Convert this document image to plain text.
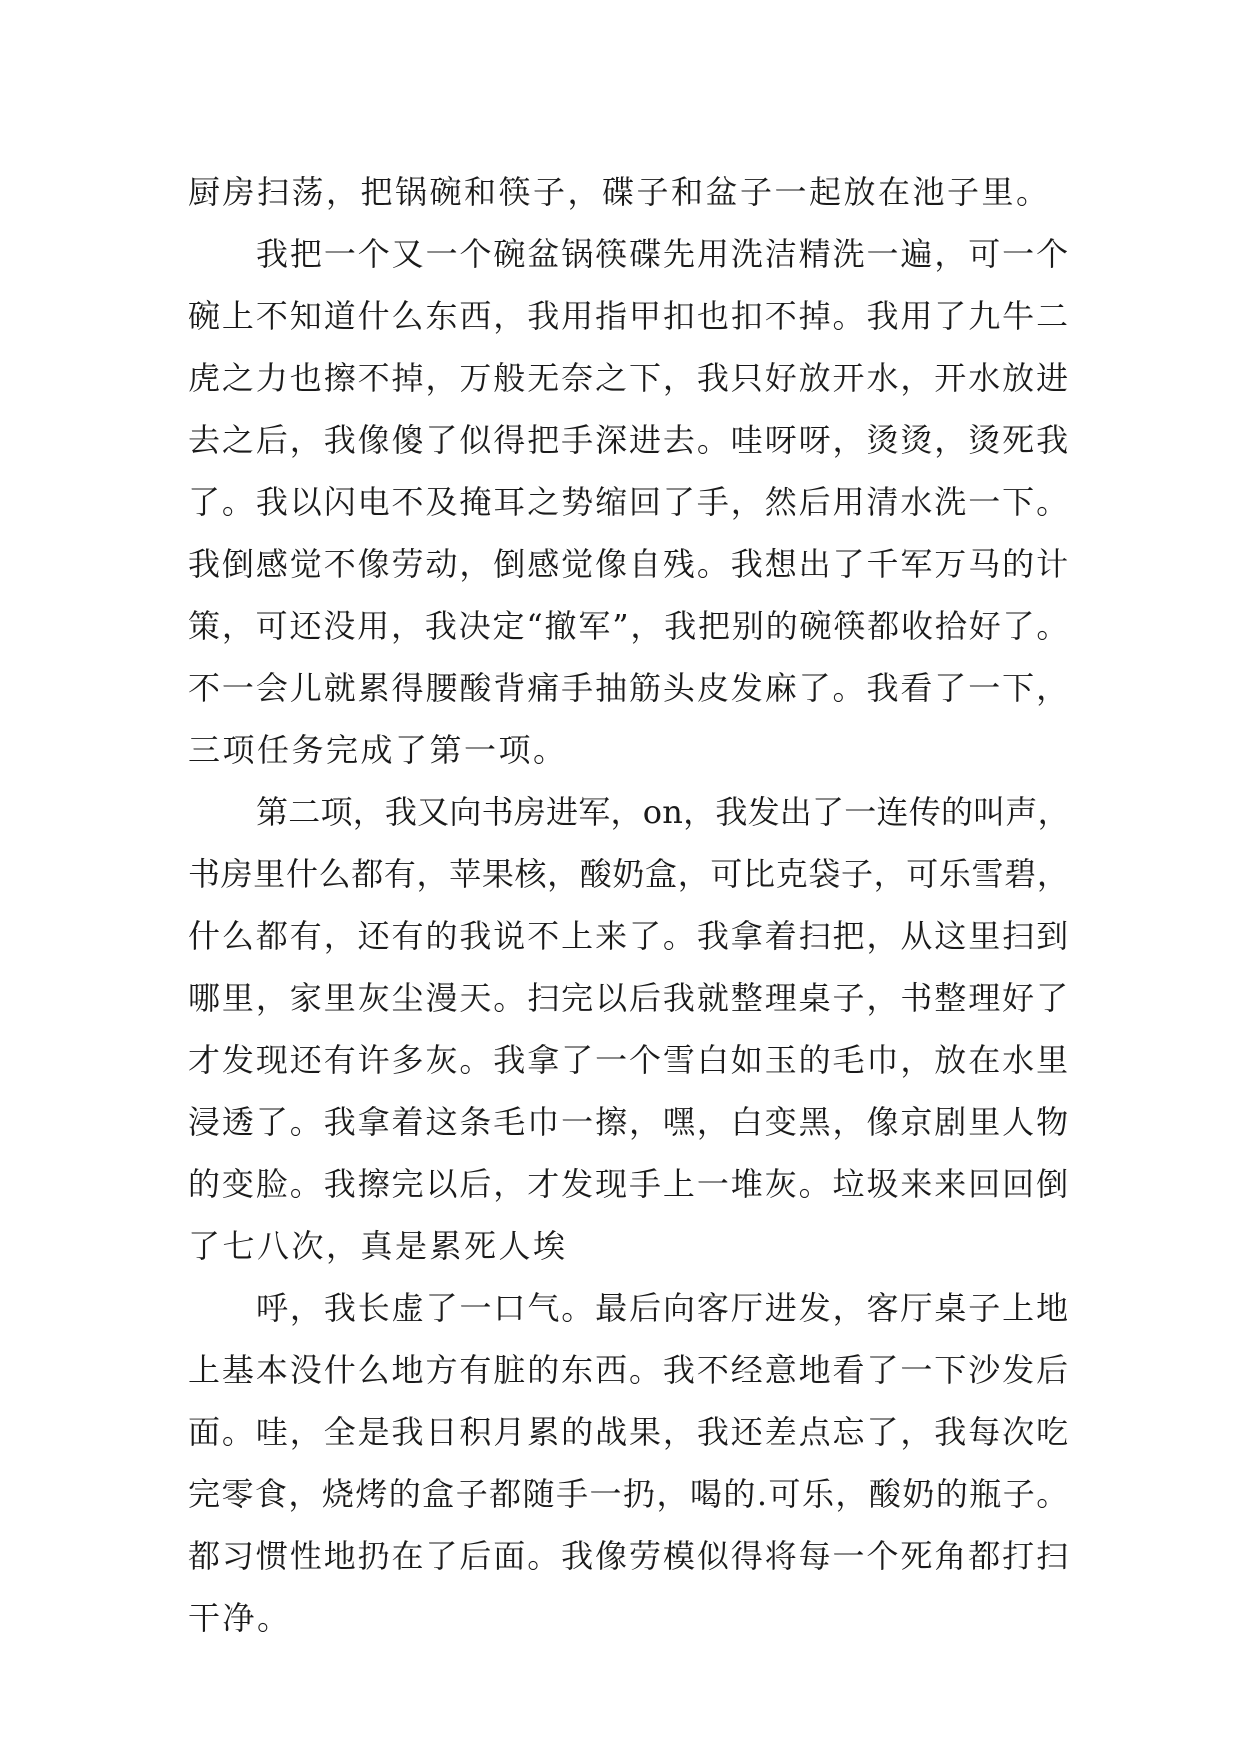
厨房扫荡，把锅碗和筷子，碟子和盆子一起放在池子里。
我把一个又一个碗盆锅筷碟先用洗洁精洗一遍，可一个
碗上不知道什么东西，我用指甲扣也扣不掉。我用了九牛二
虎之力也擦不掉，万般无奈之下，我只好放开水，开水放进
去之后，我像傻了似得把手深进去。哇呀呀，烫烫，烫死我
了。我以闪电不及掩耳之势缩回了手，然后用清水洗一下。
我倒感觉不像劳动，倒感觉像自残。我想出了千军万马的计
策，可还没用，我决定“撤军”，我把别的碗筷都收拾好了。
不一会儿就累得腰酸背痛手抽筋头皮发麻了。我看了一下，
三项任务完成了第一项。
第二项，我又向书房进军，on，我发出了一连传的叫声，
书房里什么都有，苹果核，酸奶盒，可比克袋子，可乐雪碧，
什么都有，还有的我说不上来了。我拿着扫把，从这里扫到
哪里，家里灰尘漫天。扫完以后我就整理桌子，书整理好了
才发现还有许多灰。我拿了一个雪白如玉的毛巾，放在水里
浸透了。我拿着这条毛巾一擦，嘿，白变黑，像京剧里人物
的变脸。我擦完以后，才发现手上一堆灰。垃圾来来回回倒
了七八次，真是累死人埃
呼，我长虚了一口气。最后向客厅进发，客厅桌子上地
上基本没什么地方有脏的东西。我不经意地看了一下沙发后
面。哇，全是我日积月累的战果，我还差点忘了，我每次吃
完零食，烧烤的盒子都随手一扔，喝的.可乐，酸奶的瓶子。
都习惯性地扔在了后面。我像劳模似得将每一个死角都打扫
干净。
